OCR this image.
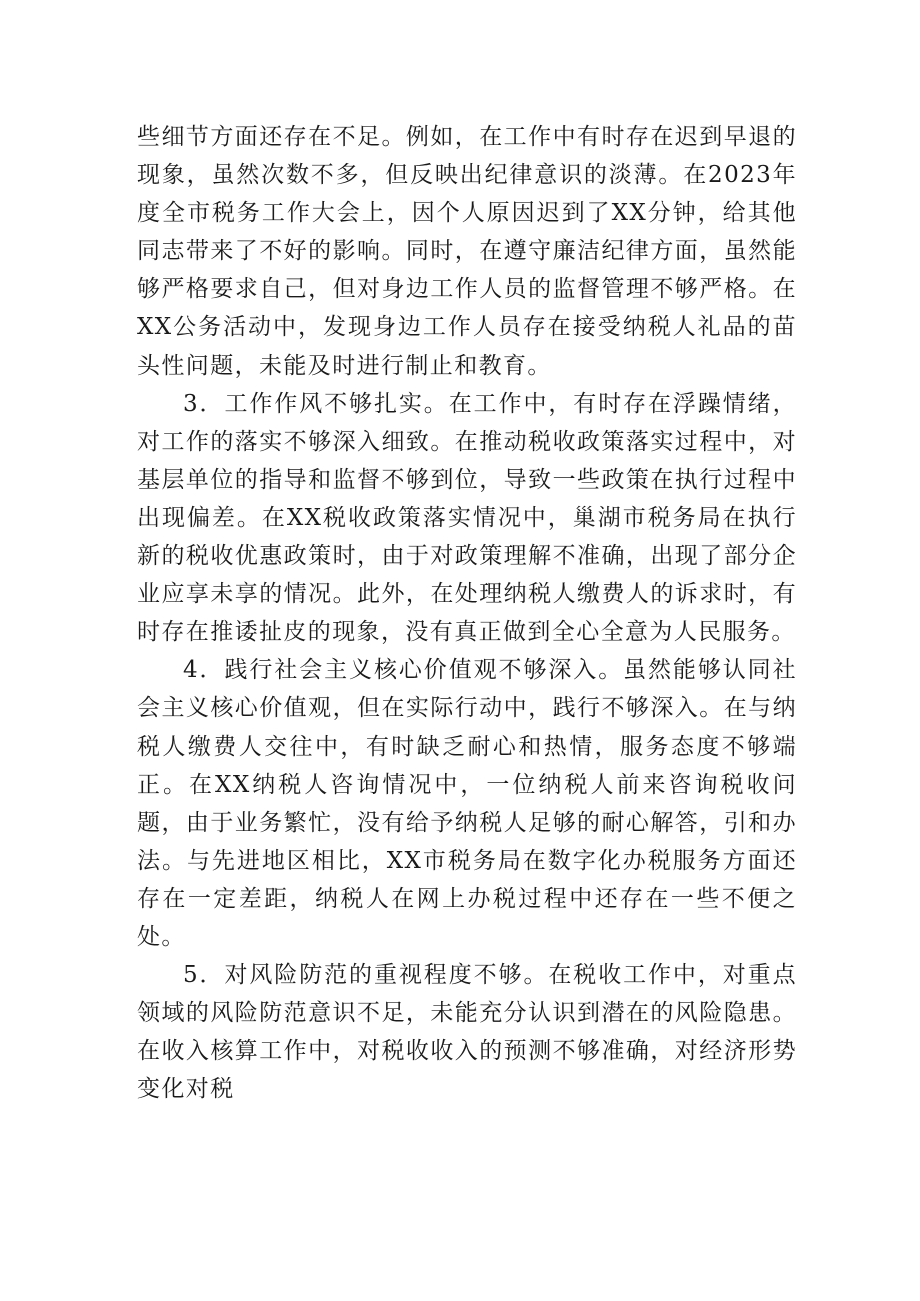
些细节方面还存在不足。例如，在工作中有时存在迟到早退的现象，虽然次数不多，但反映出纪律意识的淡薄。在2023年度全市税务工作大会上，因个人原因迟到了XX分钟，给其他同志带来了不好的影响。同时，在遵守廉洁纪律方面，虽然能够严格要求自己，但对身边工作人员的监督管理不够严格。在XX公务活动中，发现身边工作人员存在接受纳税人礼品的苗头性问题，未能及时进行制止和教育。

3．工作作风不够扎实。在工作中，有时存在浮躁情绪，对工作的落实不够深入细致。在推动税收政策落实过程中，对基层单位的指导和监督不够到位，导致一些政策在执行过程中出现偏差。在XX税收政策落实情况中，巢湖市税务局在执行新的税收优惠政策时，由于对政策理解不准确，出现了部分企业应享未享的情况。此外，在处理纳税人缴费人的诉求时，有时存在推诿扯皮的现象，没有真正做到全心全意为人民服务。

4．践行社会主义核心价值观不够深入。虽然能够认同社会主义核心价值观，但在实际行动中，践行不够深入。在与纳税人缴费人交往中，有时缺乏耐心和热情，服务态度不够端正。在XX纳税人咨询情况中，一位纳税人前来咨询税收问题，由于业务繁忙，没有给予纳税人足够的耐心解答，引和办法。与先进地区相比，XX市税务局在数字化办税服务方面还存在一定差距，纳税人在网上办税过程中还存在一些不便之处。

5．对风险防范的重视程度不够。在税收工作中，对重点领域的风险防范意识不足，未能充分认识到潜在的风险隐患。在收入核算工作中，对税收收入的预测不够准确，对经济形势变化对税
